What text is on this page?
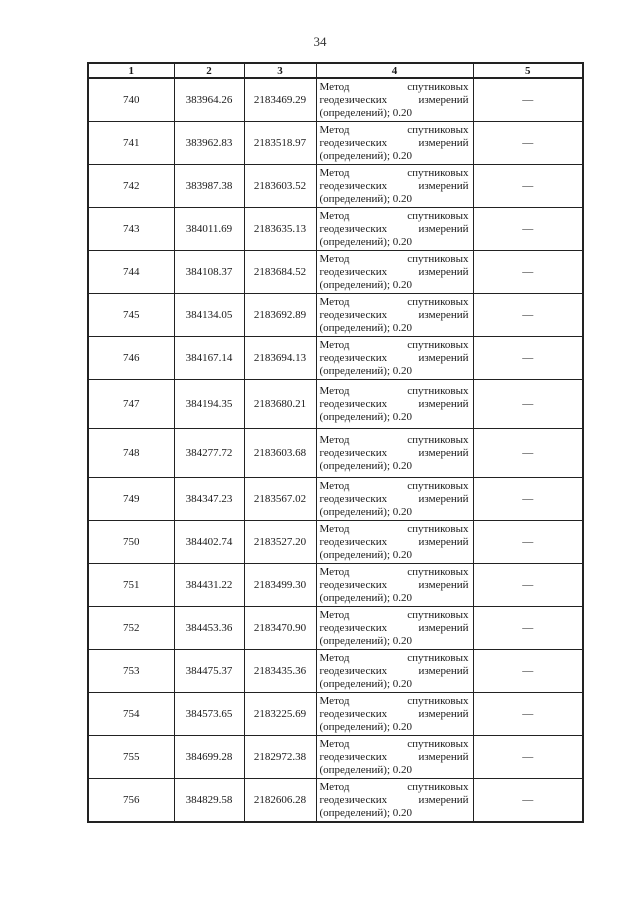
34
1	2	3	4	5
740	383964.26	2183469.29	Метод спутниковых
геодезических измерений
(определений); 0.20	—
741	383962.83	2183518.97	Метод спутниковых
геодезических измерений
(определений); 0.20	—
742	383987.38	2183603.52	Метод спутниковых
геодезических измерений
(определений); 0.20	—
743	384011.69	2183635.13	Метод спутниковых
геодезических измерений
(определений); 0.20	—
744	384108.37	2183684.52	Метод спутниковых
геодезических измерений
(определений); 0.20	—
745	384134.05	2183692.89	Метод спутниковых
геодезических измерений
(определений); 0.20	—
746	384167.14	2183694.13	Метод спутниковых
геодезических измерений
(определений); 0.20	—
747	384194.35	2183680.21	Метод спутниковых
геодезических измерений
(определений); 0.20	—
748	384277.72	2183603.68	Метод спутниковых
геодезических измерений
(определений); 0.20	—
749	384347.23	2183567.02	Метод спутниковых
геодезических измерений
(определений); 0.20	—
750	384402.74	2183527.20	Метод спутниковых
геодезических измерений
(определений); 0.20	—
751	384431.22	2183499.30	Метод спутниковых
геодезических измерений
(определений); 0.20	—
752	384453.36	2183470.90	Метод спутниковых
геодезических измерений
(определений); 0.20	—
753	384475.37	2183435.36	Метод спутниковых
геодезических измерений
(определений); 0.20	—
754	384573.65	2183225.69	Метод спутниковых
геодезических измерений
(определений); 0.20	—
755	384699.28	2182972.38	Метод спутниковых
геодезических измерений
(определений); 0.20	—
756	384829.58	2182606.28	Метод спутниковых
геодезических измерений
(определений); 0.20	—
